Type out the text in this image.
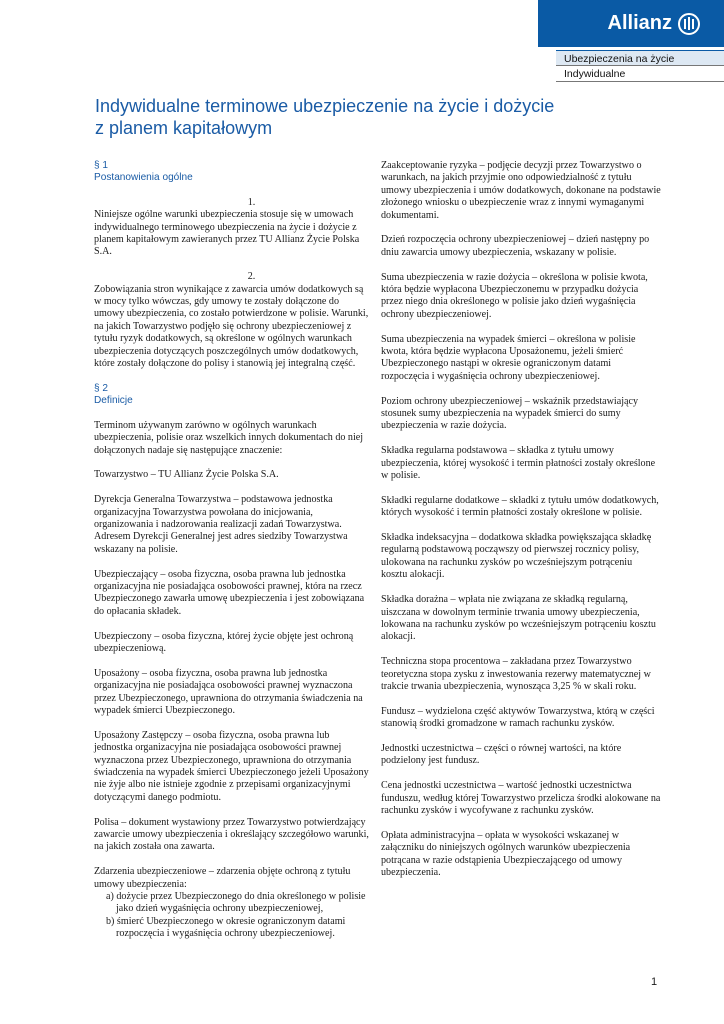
Allianz
Ubezpieczenia na życie
Indywidualne
Indywidualne terminowe ubezpieczenie na życie i dożycie
z planem kapitałowym
§ 1
Postanowienia ogólne
1.

Niniejsze ogólne warunki ubezpieczenia stosuje się w umowach indywidualnego terminowego ubezpieczenia na życie i dożycie z planem kapitałowym zawieranych przez TU Allianz Życie Polska S.A.

2.

Zobowiązania stron wynikające z zawarcia umów dodatkowych są w mocy tylko wówczas, gdy umowy te zostały dołączone do umowy ubezpieczenia, co zostało potwierdzone w polisie. Warunki, na jakich Towarzystwo podjęło się ochrony ubezpieczeniowej z tytułu ryzyk dodatkowych, są określone w ogólnych warunkach ubezpieczenia dotyczących poszczególnych umów dodatkowych, które zostały dołączone do polisy i stanowią jej integralną część.

§ 2
Definicje

Terminom używanym zarówno w ogólnych warunkach ubezpieczenia, polisie oraz wszelkich innych dokumentach do niej dołączonych nadaje się następujące znaczenie:

Towarzystwo – TU Allianz Życie Polska S.A.

Dyrekcja Generalna Towarzystwa – podstawowa jednostka organizacyjna Towarzystwa powołana do inicjowania, organizowania i nadzorowania realizacji zadań Towarzystwa. Adresem Dyrekcji Generalnej jest adres siedziby Towarzystwa wskazany na polisie.

Ubezpieczający – osoba fizyczna, osoba prawna lub jednostka organizacyjna nie posiadająca osobowości prawnej, która na rzecz Ubezpieczonego zawarła umowę ubezpieczenia i jest zobowiązana do opłacania składek.

Ubezpieczony – osoba fizyczna, której życie objęte jest ochroną ubezpieczeniową.

Uposażony – osoba fizyczna, osoba prawna lub jednostka organizacyjna nie posiadająca osobowości prawnej wyznaczona przez Ubezpieczonego, uprawniona do otrzymania świadczenia na wypadek śmierci Ubezpieczonego.

Uposażony Zastępczy – osoba fizyczna, osoba prawna lub jednostka organizacyjna nie posiadająca osobowości prawnej wyznaczona przez Ubezpieczonego, uprawniona do otrzymania świadczenia na wypadek śmierci Ubezpieczonego jeżeli Uposażony nie żyje albo nie istnieje zgodnie z przepisami organizacyjnymi dotyczącymi danego podmiotu.

Polisa – dokument wystawiony przez Towarzystwo potwierdzający zawarcie umowy ubezpieczenia i określający szczegółowo warunki, na jakich została ona zawarta.

Zdarzenia ubezpieczeniowe – zdarzenia objęte ochroną z tytułu umowy ubezpieczenia:
a) dożycie przez Ubezpieczonego do dnia określonego w polisie jako dzień wygaśnięcia ochrony ubezpieczeniowej,
b) śmierć Ubezpieczonego w okresie ograniczonym datami rozpoczęcia i wygaśnięcia ochrony ubezpieczeniowej.

Zaakceptowanie ryzyka – podjęcie decyzji przez Towarzystwo o warunkach, na jakich przyjmie ono odpowiedzialność z tytułu umowy ubezpieczenia i umów dodatkowych, dokonane na podstawie złożonego wniosku o ubezpieczenie wraz z innymi wymaganymi dokumentami.

Dzień rozpoczęcia ochrony ubezpieczeniowej – dzień następny po dniu zawarcia umowy ubezpieczenia, wskazany w polisie.

Suma ubezpieczenia w razie dożycia – określona w polisie kwota, która będzie wypłacona Ubezpieczonemu w przypadku dożycia przez niego dnia określonego w polisie jako dzień wygaśnięcia ochrony ubezpieczeniowej.

Suma ubezpieczenia na wypadek śmierci – określona w polisie kwota, która będzie wypłacona Uposażonemu, jeżeli śmierć Ubezpieczonego nastąpi w okresie ograniczonym datami rozpoczęcia i wygaśnięcia ochrony ubezpieczeniowej.

Poziom ochrony ubezpieczeniowej – wskaźnik przedstawiający stosunek sumy ubezpieczenia na wypadek śmierci do sumy ubezpieczenia w razie dożycia.

Składka regularna podstawowa – składka z tytułu umowy ubezpieczenia, której wysokość i termin płatności zostały określone w polisie.

Składki regularne dodatkowe – składki z tytułu umów dodatkowych, których wysokość i termin płatności zostały określone w polisie.

Składka indeksacyjna – dodatkowa składka powiększająca składkę regularną podstawową począwszy od pierwszej rocznicy polisy, ulokowana na rachunku zysków po wcześniejszym potrąceniu kosztu alokacji.

Składka dorażna – wpłata nie związana ze składką regularną, uiszczana w dowolnym terminie trwania umowy ubezpieczenia, lokowana na rachunku zysków po wcześniejszym potrąceniu kosztu alokacji.

Techniczna stopa procentowa – zakładana przez Towarzystwo teoretyczna stopa zysku z inwestowania rezerwy matematycznej w trakcie trwania ubezpieczenia, wynosząca 3,25 % w skali roku.

Fundusz – wydzielona część aktywów Towarzystwa, którą w części stanowią środki gromadzone w ramach rachunku zysków.

Jednostki uczestnictwa – części o równej wartości, na które podzielony jest fundusz.

Cena jednostki uczestnictwa – wartość jednostki uczestnictwa funduszu, według której Towarzystwo przelicza środki alokowane na rachunku zysków i wycofywane z rachunku zysków.

Opłata administracyjna – opłata w wysokości wskazanej w załączniku do niniejszych ogólnych warunków ubezpieczenia potrącana w razie odstąpienia Ubezpieczającego od umowy ubezpieczenia.

1
